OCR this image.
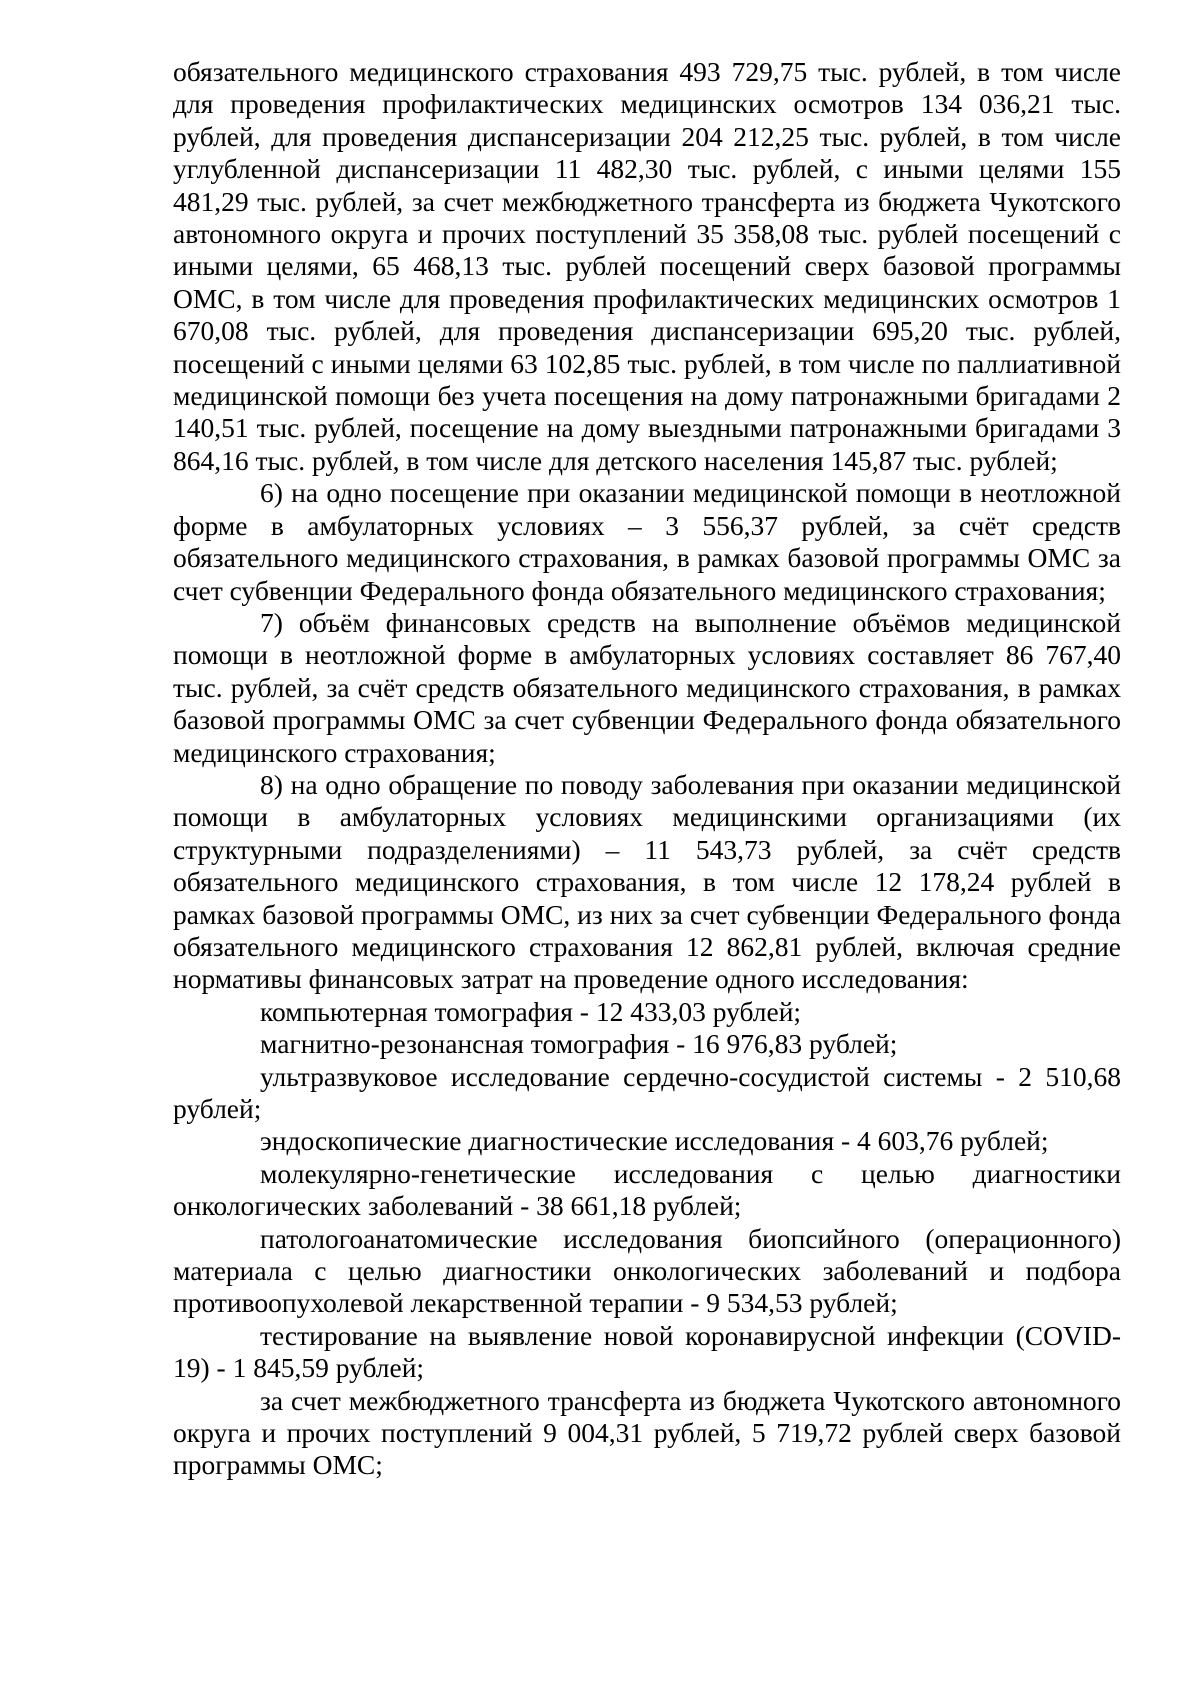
обязательного медицинского страхования 493 729,75 тыс. рублей, в том числе для проведения профилактических медицинских осмотров 134 036,21 тыс. рублей, для проведения диспансеризации 204 212,25 тыс. рублей, в том числе углубленной диспансеризации 11 482,30 тыс. рублей, с иными целями 155 481,29 тыс. рублей, за счет межбюджетного трансферта из бюджета Чукотского автономного округа и прочих поступлений 35 358,08 тыс. рублей посещений с иными целями, 65 468,13 тыс. рублей посещений сверх базовой программы ОМС, в том числе для проведения профилактических медицинских осмотров 1 670,08 тыс. рублей, для проведения диспансеризации 695,20 тыс. рублей, посещений с иными целями 63 102,85 тыс. рублей, в том числе по паллиативной медицинской помощи без учета посещения на дому патронажными бригадами 2 140,51 тыс. рублей, посещение на дому выездными патронажными бригадами 3 864,16 тыс. рублей, в том числе для детского населения 145,87 тыс. рублей;

6) на одно посещение при оказании медицинской помощи в неотложной форме в амбулаторных условиях – 3 556,37 рублей, за счёт средств обязательного медицинского страхования, в рамках базовой программы ОМС за счет субвенции Федерального фонда обязательного медицинского страхования;

7) объём финансовых средств на выполнение объёмов медицинской помощи в неотложной форме в амбулаторных условиях составляет 86 767,40 тыс. рублей, за счёт средств обязательного медицинского страхования, в рамках базовой программы ОМС за счет субвенции Федерального фонда обязательного медицинского страхования;

8) на одно обращение по поводу заболевания при оказании медицинской помощи в амбулаторных условиях медицинскими организациями (их структурными подразделениями) – 11 543,73 рублей, за счёт средств обязательного медицинского страхования, в том числе 12 178,24 рублей в рамках базовой программы ОМС, из них за счет субвенции Федерального фонда обязательного медицинского страхования 12 862,81 рублей, включая средние нормативы финансовых затрат на проведение одного исследования:

компьютерная томография - 12 433,03 рублей;

магнитно-резонансная томография - 16 976,83 рублей;

ультразвуковое исследование сердечно-сосудистой системы - 2 510,68 рублей;

эндоскопические диагностические исследования - 4 603,76 рублей;

молекулярно-генетические исследования с целью диагностики онкологических заболеваний - 38 661,18 рублей;

патологоанатомические исследования биопсийного (операционного) материала с целью диагностики онкологических заболеваний и подбора противоопухолевой лекарственной терапии - 9 534,53 рублей;

тестирование на выявление новой коронавирусной инфекции (COVID-19) - 1 845,59 рублей;

за счет межбюджетного трансферта из бюджета Чукотского автономного округа и прочих поступлений 9 004,31 рублей, 5 719,72 рублей сверх базовой программы ОМС;
